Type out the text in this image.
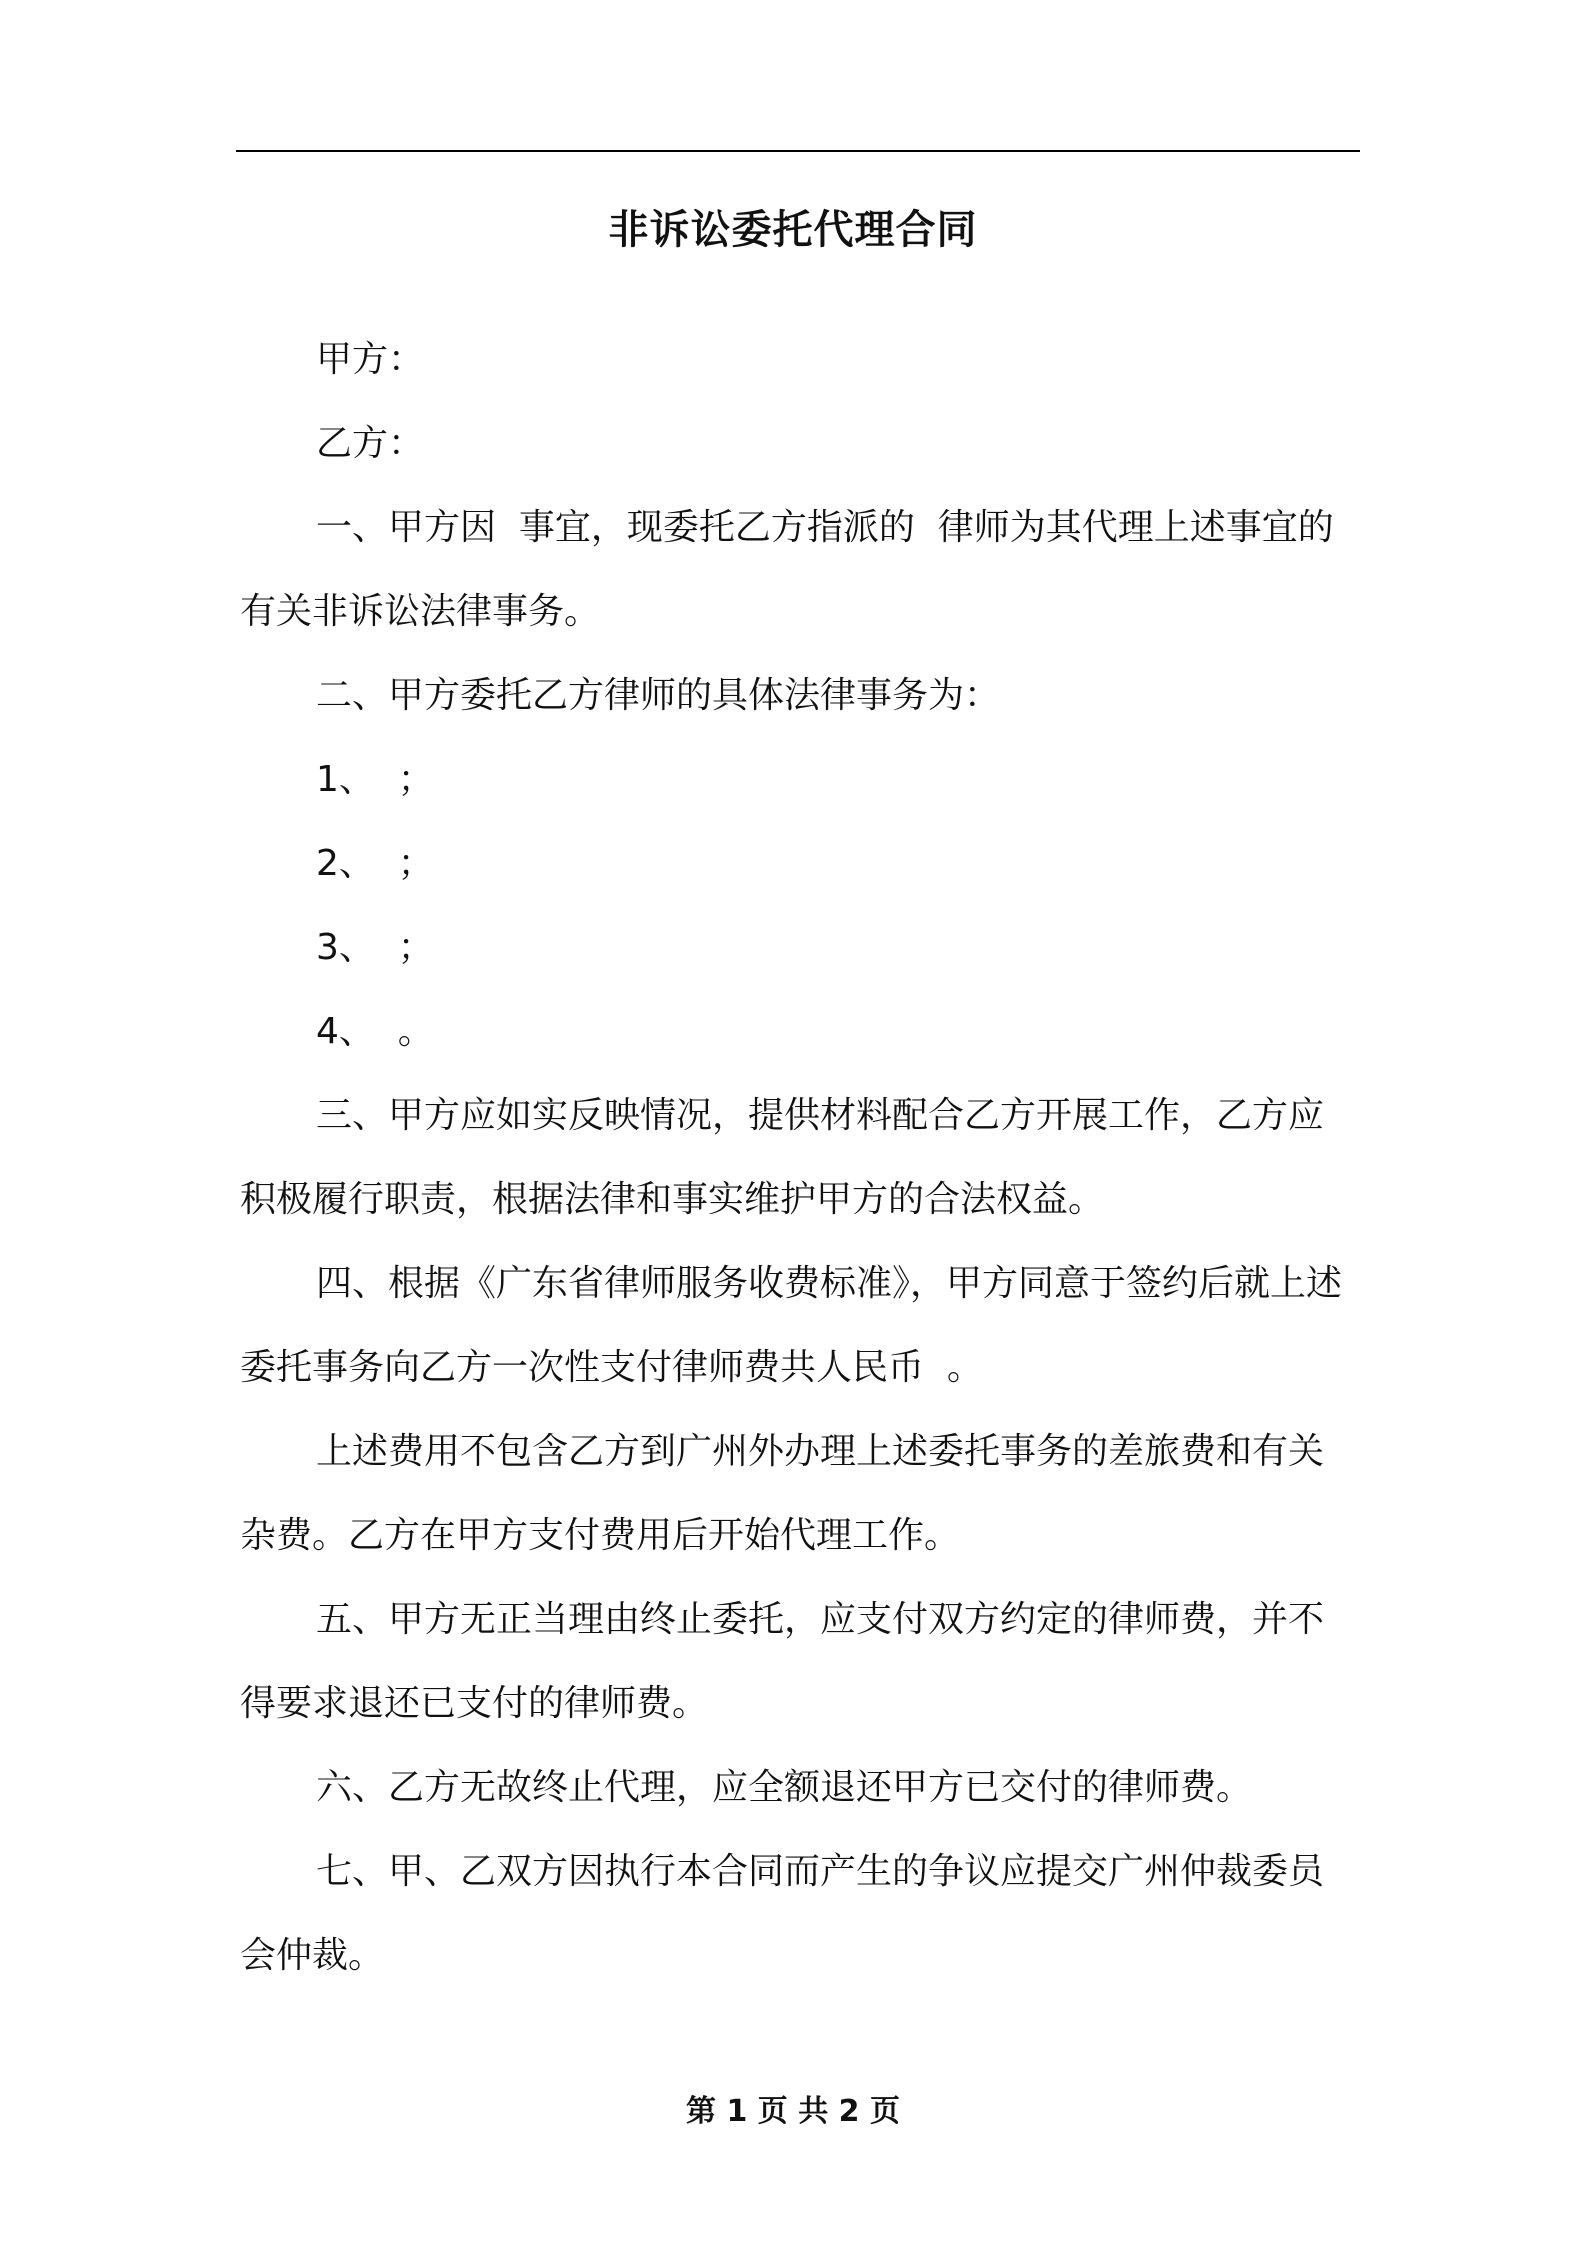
非诉讼委托代理合同

甲方：

乙方：

一、甲方因  事宜，现委托乙方指派的  律师为其代理上述事宜的有关非诉讼法律事务。

二、甲方委托乙方律师的具体法律事务为：

1、  ；

2、  ；

3、  ；

4、  。

三、甲方应如实反映情况，提供材料配合乙方开展工作，乙方应积极履行职责，根据法律和事实维护甲方的合法权益。

四、根据《广东省律师服务收费标准》，甲方同意于签约后就上述委托事务向乙方一次性支付律师费共人民币  。

上述费用不包含乙方到广州外办理上述委托事务的差旅费和有关杂费。乙方在甲方支付费用后开始代理工作。

五、甲方无正当理由终止委托，应支付双方约定的律师费，并不得要求退还已支付的律师费。

六、乙方无故终止代理，应全额退还甲方已交付的律师费。

七、甲、乙双方因执行本合同而产生的争议应提交广州仲裁委员会仲裁。

第 1 页 共 2 页
